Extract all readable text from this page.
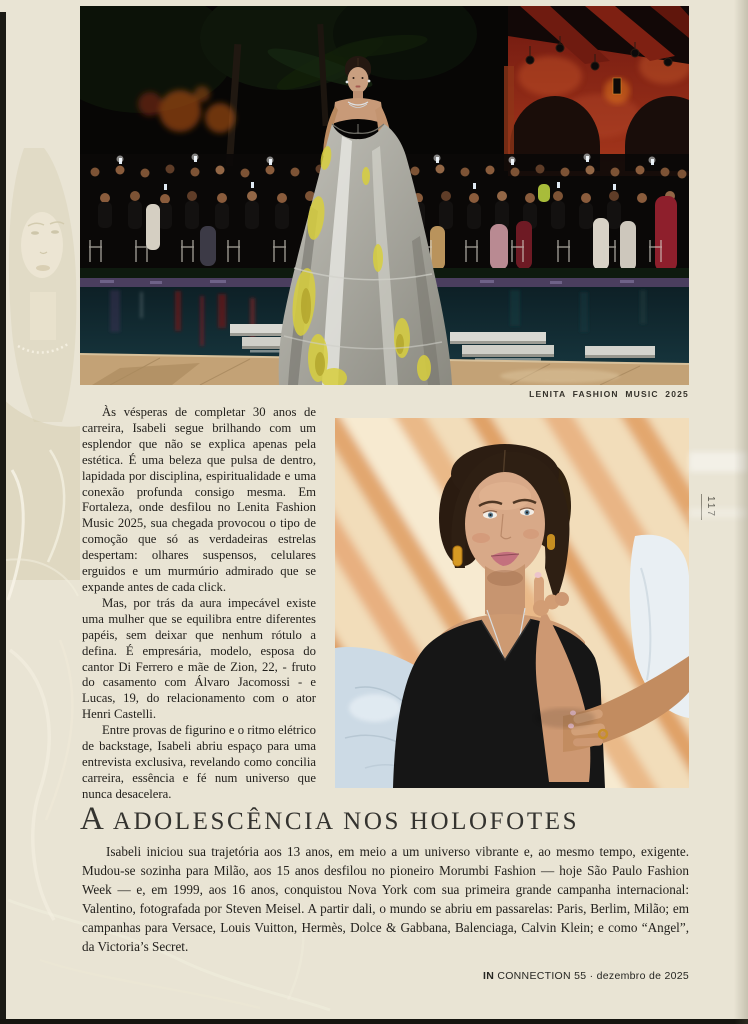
LENITA FASHION MUSIC 2025

Às vésperas de completar 30 anos de carreira, Isabeli segue brilhando com um esplendor que não se explica apenas pela estética. É uma beleza que pulsa de dentro, lapidada por disciplina, espiritualidade e uma conexão profunda consigo mesma. Em Fortaleza, onde desfilou no Lenita Fashion Music 2025, sua chegada provocou o tipo de comoção que só as verdadeiras estrelas despertam: olhares suspensos, celulares erguidos e um murmúrio admirado que se expande antes de cada click.

Mas, por trás da aura impecável existe uma mulher que se equilibra entre diferentes papéis, sem deixar que nenhum rótulo a defina. É empresária, modelo, esposa do cantor Di Ferrero e mãe de Zion, 22, - fruto do casamento com Álvaro Jacomossi - e Lucas, 19, do relacionamento com o ator Henri Castelli.

Entre provas de figurino e o ritmo elétrico de backstage, Isabeli abriu espaço para uma entrevista exclusiva, revelando como concilia carreira, essência e fé num universo que nunca desacelera.

A ADOLESCÊNCIA NOS HOLOFOTES

Isabeli iniciou sua trajetória aos 13 anos, em meio a um universo vibrante e, ao mesmo tempo, exigente. Mudou-se sozinha para Milão, aos 15 anos desfilou no pioneiro Morumbi Fashion — hoje São Paulo Fashion Week — e, em 1999, aos 16 anos, conquistou Nova York com sua primeira grande campanha internacional: Valentino, fotografada por Steven Meisel. A partir dali, o mundo se abriu em passarelas: Paris, Berlim, Milão; em campanhas para Versace, Louis Vuitton, Hermès, Dolce & Gabbana, Balenciaga, Calvin Klein; e como “Angel”, da Victoria’s Secret.

IN CONNECTION 55 · dezembro de 2025
117
